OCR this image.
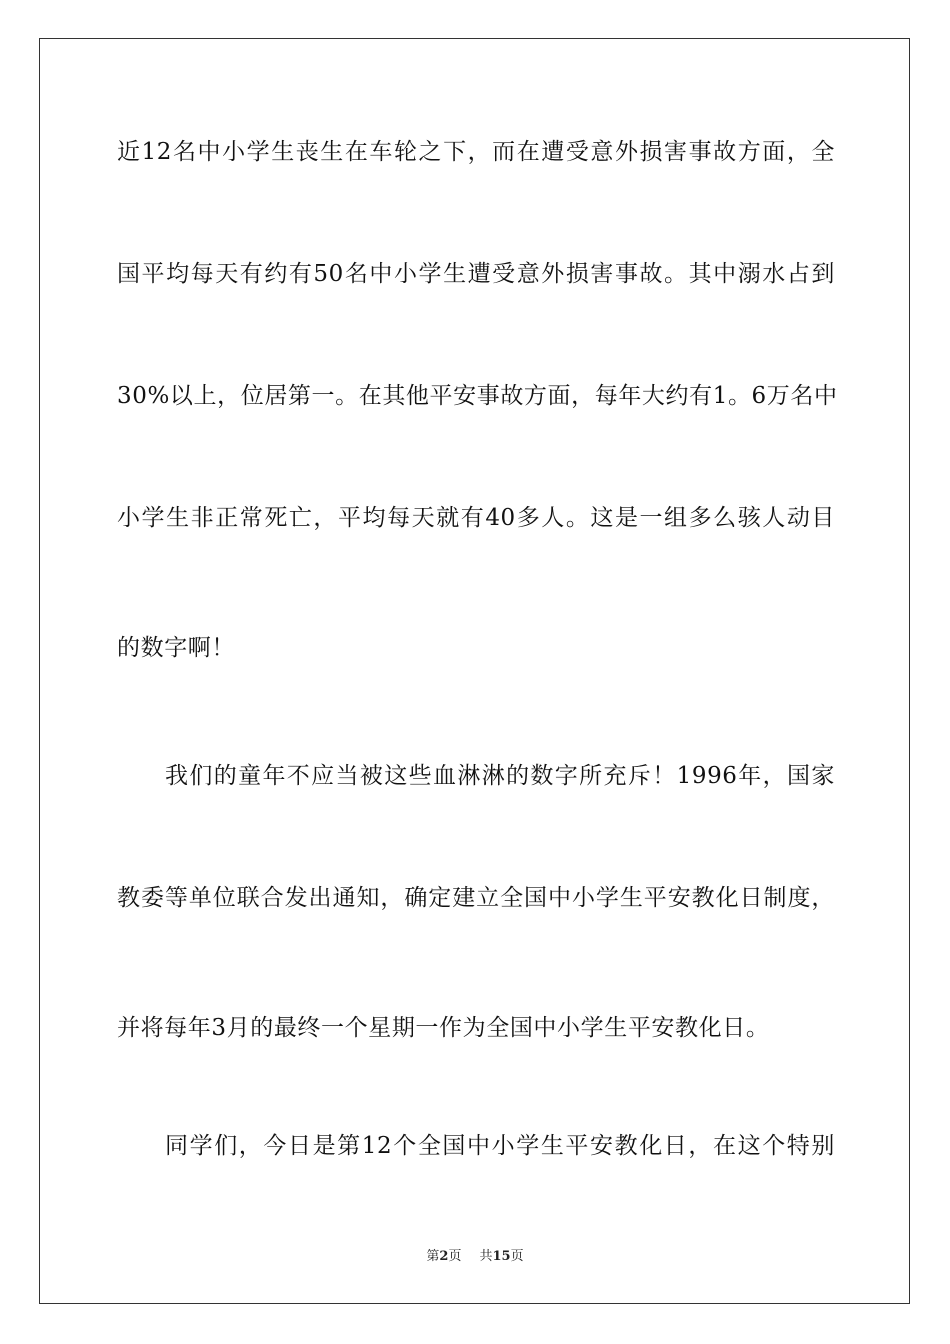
近12名中小学生丧生在车轮之下，而在遭受意外损害事故方面，全
国平均每天有约有50名中小学生遭受意外损害事故。其中溺水占到
30%以上，位居第一。在其他平安事故方面，每年大约有1。6万名中
小学生非正常死亡，平均每天就有40多人。这是一组多么骇人动目
的数字啊！
我们的童年不应当被这些血淋淋的数字所充斥！1996年，国家
教委等单位联合发出通知，确定建立全国中小学生平安教化日制度，
并将每年3月的最终一个星期一作为全国中小学生平安教化日。
同学们，今日是第12个全国中小学生平安教化日，在这个特别
第2页 共15页
